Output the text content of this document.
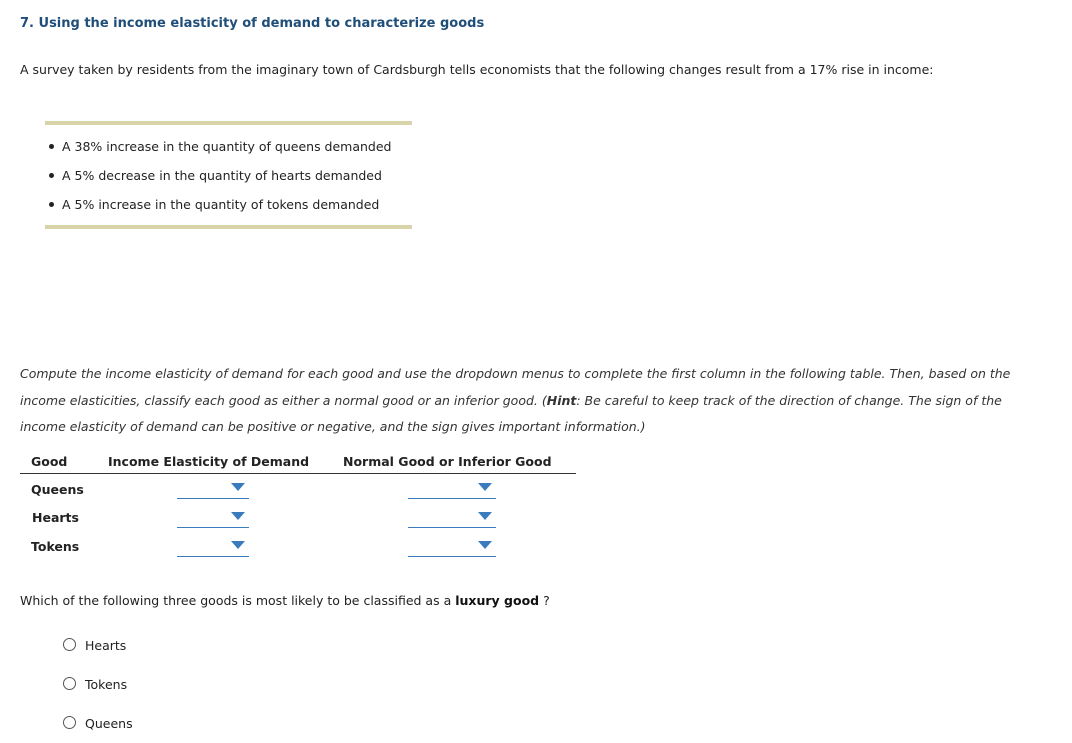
7. Using the income elasticity of demand to characterize goods
A survey taken by residents from the imaginary town of Cardsburgh tells economists that the following changes result from a 17% rise in income:
A 38% increase in the quantity of queens demanded
A 5% decrease in the quantity of hearts demanded
A 5% increase in the quantity of tokens demanded
Compute the income elasticity of demand for each good and use the dropdown menus to complete the first column in the following table. Then, based on the income elasticities, classify each good as either a normal good or an inferior good. (Hint: Be careful to keep track of the direction of change. The sign of the income elasticity of demand can be positive or negative, and the sign gives important information.)
Good	Income Elasticity of Demand	Normal Good or Inferior Good
Queens
Hearts
Tokens
Which of the following three goods is most likely to be classified as a luxury good ?
Hearts
Tokens
Queens
